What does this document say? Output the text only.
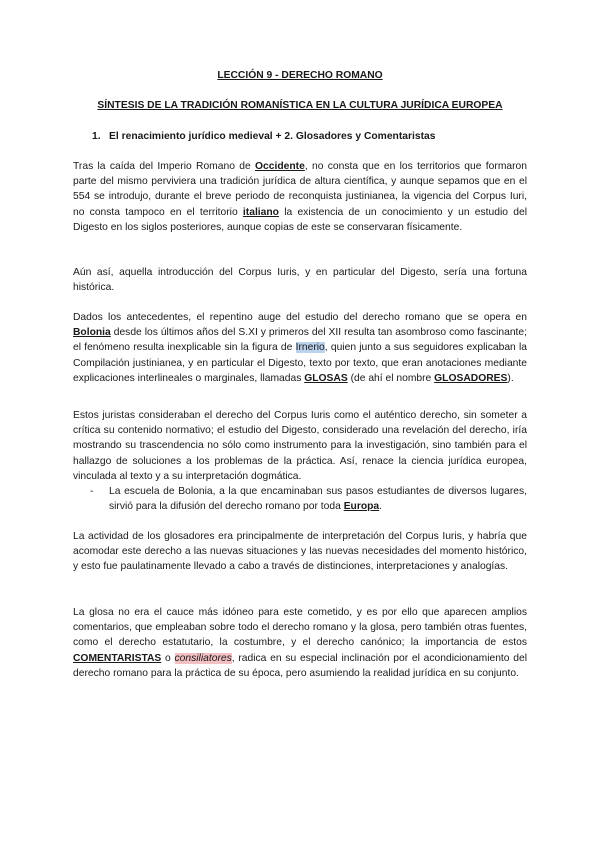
LECCIÓN 9 - DERECHO ROMANO

SÍNTESIS DE LA TRADICIÓN ROMANÍSTICA EN LA CULTURA JURÍDICA EUROPEA

1. El renacimiento jurídico medieval + 2. Glosadores y Comentaristas

Tras la caída del Imperio Romano de Occidente, no consta que en los territorios que formaron parte del mismo perviviera una tradición jurídica de altura científica, y aunque sepamos que en el 554 se introdujo, durante el breve periodo de reconquista justinianea, la vigencia del Corpus Iuri, no consta tampoco en el territorio italiano la existencia de un conocimiento y un estudio del Digesto en los siglos posteriores, aunque copias de este se conservaran físicamente.

Aún así, aquella introducción del Corpus Iuris, y en particular del Digesto, sería una fortuna histórica.

Dados los antecedentes, el repentino auge del estudio del derecho romano que se opera en Bolonia desde los últimos años del S.XI y primeros del XII resulta tan asombroso como fascinante; el fenómeno resulta inexplicable sin la figura de Irnerio, quien junto a sus seguidores explicaban la Compilación justinianea, y en particular el Digesto, texto por texto, que eran anotaciones mediante explicaciones interlineales o marginales, llamadas GLOSAS (de ahí el nombre GLOSADORES).

Estos juristas consideraban el derecho del Corpus Iuris como el auténtico derecho, sin someter a crítica su contenido normativo; el estudio del Digesto, considerado una revelación del derecho, iría mostrando su trascendencia no sólo como instrumento para la investigación, sino también para el hallazgo de soluciones a los problemas de la práctica. Así, renace la ciencia jurídica europea, vinculada al texto y a su interpretación dogmática.

- La escuela de Bolonia, a la que encaminaban sus pasos estudiantes de diversos lugares, sirvió para la difusión del derecho romano por toda Europa.

La actividad de los glosadores era principalmente de interpretación del Corpus Iuris, y habría que acomodar este derecho a las nuevas situaciones y las nuevas necesidades del momento histórico, y esto fue paulatinamente llevado a cabo a través de distinciones, interpretaciones y analogías.

La glosa no era el cauce más idóneo para este cometido, y es por ello que aparecen amplios comentarios, que empleaban sobre todo el derecho romano y la glosa, pero también otras fuentes, como el derecho estatutario, la costumbre, y el derecho canónico; la importancia de estos COMENTARISTAS o consiliatores, radica en su especial inclinación por el acondicionamiento del derecho romano para la práctica de su época, pero asumiendo la realidad jurídica en su conjunto.
